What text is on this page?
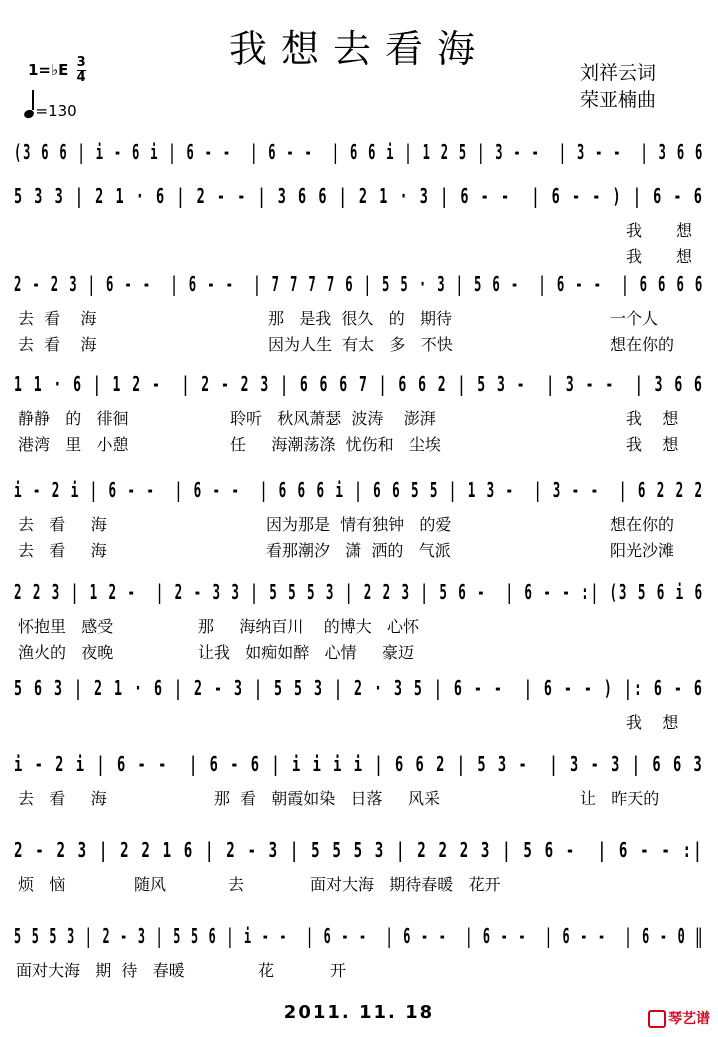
我想去看海
刘祥云词
荣亚楠曲
1=♭E $\frac{3}{4}$
=130
(3 6 6 | i - 6 i | 6 - -  | 6 - -  | 6 6 i | 1 2 5 | 3 - -  | 3 - -  | 3 6 6
5 3 3 | 2 1 · 6 | 2 - - | 3 6 6 | 2 1 · 3 | 6 - -  | 6 - - ) | 6 - 6
我 想
我 想
2 - 2 3 | 6 - -  | 6 - -  | 7 7 7 7 6 | 5 5 · 3 | 5 6 -  | 6 - -  | 6 6 6 6
去  看    海	那   是我  很久   的   期待	一个人
去  看    海	因为人生  有太   多   不快	想在你的
1 1 · 6 | 1 2 -  | 2 - 2 3 | 6 6 6 7 | 6 6 2 | 5 3 -  | 3 - -  | 3 6 6
静静   的   徘徊	聆听   秋风萧瑟  波涛    澎湃	我    想
港湾   里   小憩	任     海潮荡涤  忧伤和   尘埃	我    想
i - 2 i | 6 - -  | 6 - -  | 6 6 6 i | 6 6 5 5 | 1 3 -  | 3 - -  | 6 2 2 2
去   看     海	因为那是  情有独钟   的爱	想在你的
去   看     海	看那潮汐   潇  洒的   气派	阳光沙滩
2 2 3 | 1 2 -  | 2 - 3 3 | 5 5 5 3 | 2 2 3 | 5 6 -  | 6 - - :| (3 5 6 i 6
怀抱里   感受	那     海纳百川    的博大   心怀
渔火的   夜晚	让我   如痴如醉   心情     豪迈
5 6 3 | 2 1 · 6 | 2 - 3 | 5 5 3 | 2 · 3 5 | 6 - -  | 6 - - ) |: 6 - 6
我    想
i - 2 i | 6 - -  | 6 - 6 | i i i i | 6 6 2 | 5 3 -  | 3 - 3 | 6 6 3
去   看     海	那 看   朝霞如染   日落     风采	让   昨天的
2 - 2 3 | 2 2 1 6 | 2 - 3 | 5 5 5 3 | 2 2 2 3 | 5 6 -  | 6 - - :|
烦   恼	随风	去	面对大海   期待春暖   花开
5 5 5 3 | 2 - 3 | 5 5 6 | i - -  | 6 - -  | 6 - -  | 6 - -  | 6 - -  | 6 - 0 ‖
面对大海   期  待   春暖	花	开
2011. 11. 18	琴艺谱
